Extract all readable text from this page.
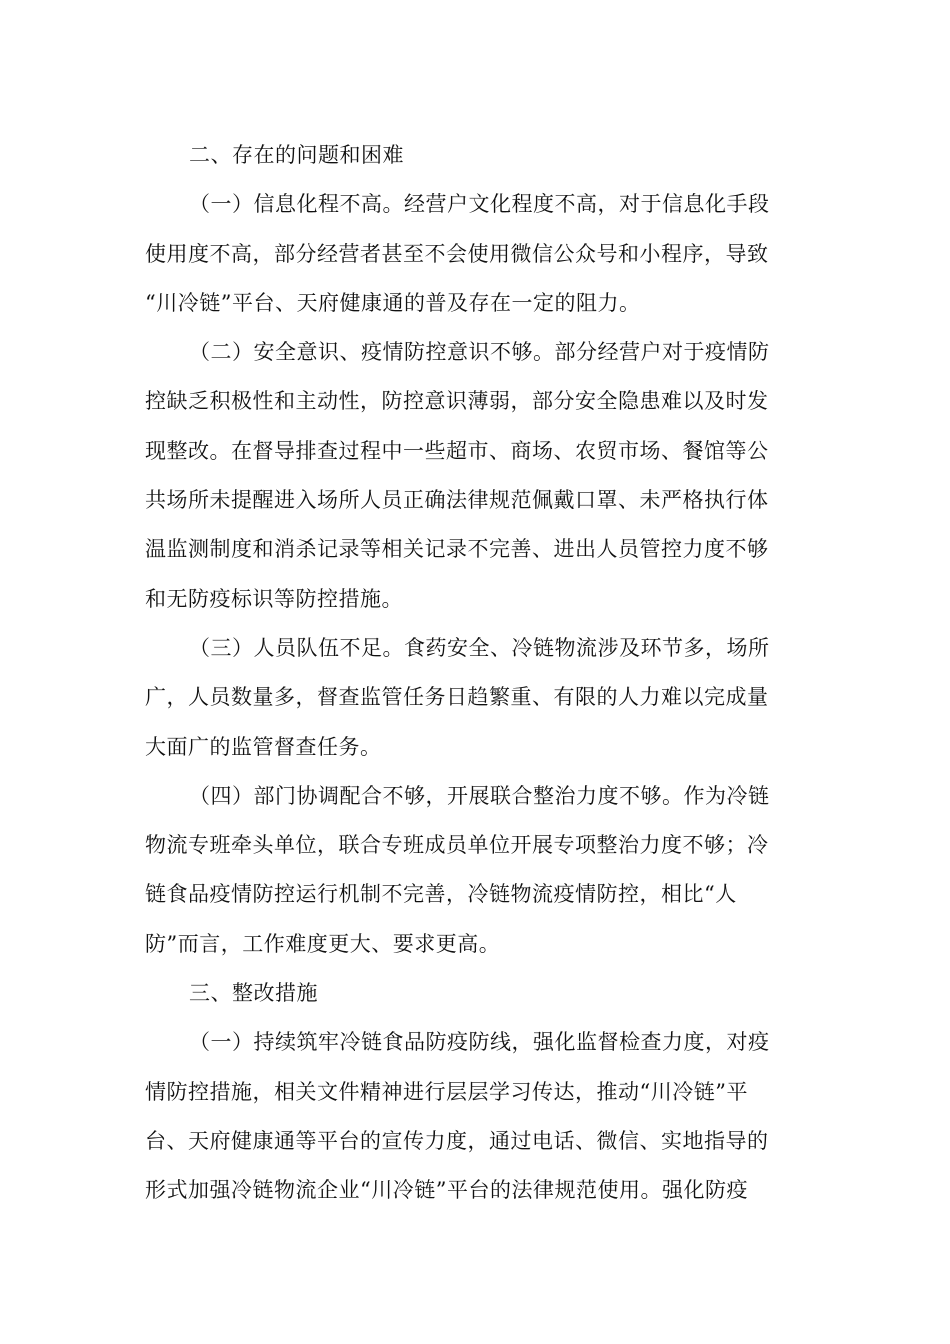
二、存在的问题和困难
（一）信息化程不高。经营户文化程度不高，对于信息化手段
使用度不高，部分经营者甚至不会使用微信公众号和小程序，导致
“川冷链”平台、天府健康通的普及存在一定的阻力。
（二）安全意识、疫情防控意识不够。部分经营户对于疫情防
控缺乏积极性和主动性，防控意识薄弱，部分安全隐患难以及时发
现整改。在督导排查过程中一些超市、商场、农贸市场、餐馆等公
共场所未提醒进入场所人员正确法律规范佩戴口罩、未严格执行体
温监测制度和消杀记录等相关记录不完善、进出人员管控力度不够
和无防疫标识等防控措施。
（三）人员队伍不足。食药安全、冷链物流涉及环节多，场所
广，人员数量多，督查监管任务日趋繁重、有限的人力难以完成量
大面广的监管督查任务。
（四）部门协调配合不够，开展联合整治力度不够。作为冷链
物流专班牵头单位，联合专班成员单位开展专项整治力度不够；冷
链食品疫情防控运行机制不完善，冷链物流疫情防控，相比“人
防”而言，工作难度更大、要求更高。
三、整改措施
（一）持续筑牢冷链食品防疫防线，强化监督检查力度，对疫
情防控措施，相关文件精神进行层层学习传达，推动“川冷链”平
台、天府健康通等平台的宣传力度，通过电话、微信、实地指导的
形式加强冷链物流企业“川冷链”平台的法律规范使用。强化防疫
